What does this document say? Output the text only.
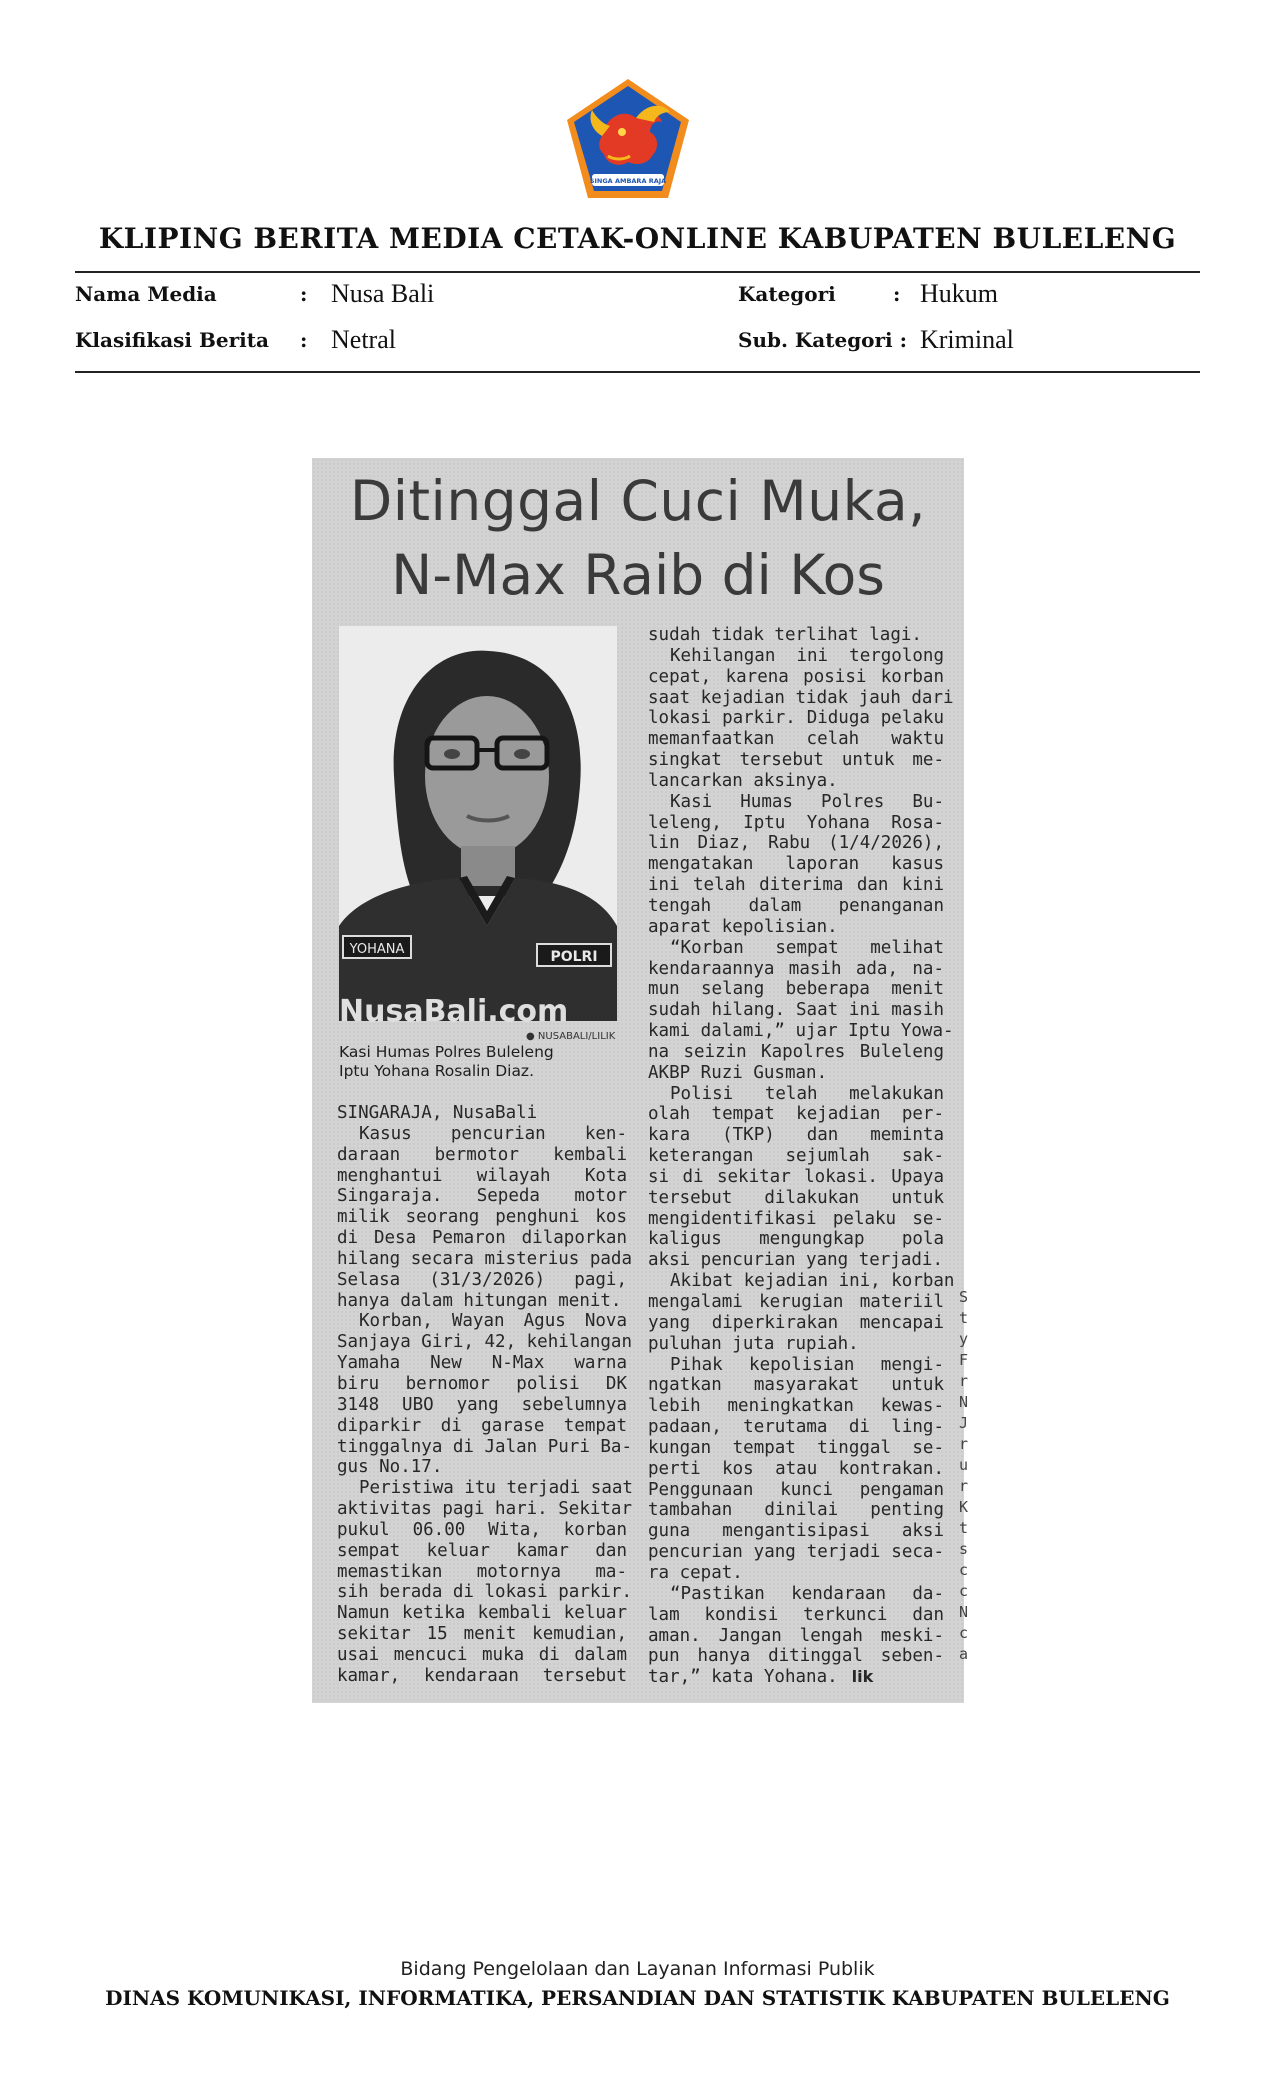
SINGA AMBARA RAJA
KLIPING BERITA MEDIA CETAK-ONLINE KABUPATEN BULELENG
Nama Media	: Nusa Bali	Kategori	: Hukum
Klasifikasi Berita : Netral	Sub. Kategori : Kriminal
Ditinggal Cuci Muka,
N-Max Raib di Kos
YOHANA	POLRI
NusaBali.com
● NUSABALI/LILIK
Kasi Humas Polres Buleleng
Iptu Yohana Rosalin Diaz.
SINGARAJA, NusaBali
Kasus pencurian ken-
daraan bermotor kembali
menghantui wilayah Kota
Singaraja. Sepeda motor
milik seorang penghuni kos
di Desa Pemaron dilaporkan
hilang secara misterius pada
Selasa (31/3/2026) pagi,
hanya dalam hitungan menit.
Korban, Wayan Agus Nova
Sanjaya Giri, 42, kehilangan
Yamaha New N-Max warna
biru bernomor polisi DK
3148 UBO yang sebelumnya
diparkir di garase tempat
tinggalnya di Jalan Puri Ba-
gus No.17.
Peristiwa itu terjadi saat
aktivitas pagi hari. Sekitar
pukul 06.00 Wita, korban
sempat keluar kamar dan
memastikan motornya ma-
sih berada di lokasi parkir.
Namun ketika kembali keluar
sekitar 15 menit kemudian,
usai mencuci muka di dalam
kamar, kendaraan tersebut
sudah tidak terlihat lagi.
Kehilangan ini tergolong
cepat, karena posisi korban
saat kejadian tidak jauh dari
lokasi parkir. Diduga pelaku
memanfaatkan celah waktu
singkat tersebut untuk me-
lancarkan aksinya.
Kasi Humas Polres Bu-
leleng, Iptu Yohana Rosa-
lin Diaz, Rabu (1/4/2026),
mengatakan laporan kasus
ini telah diterima dan kini
tengah dalam penanganan
aparat kepolisian.
“Korban sempat melihat
kendaraannya masih ada, na-
mun selang beberapa menit
sudah hilang. Saat ini masih
kami dalami,” ujar Iptu Yowa-
na seizin Kapolres Buleleng
AKBP Ruzi Gusman.
Polisi telah melakukan
olah tempat kejadian per-
kara (TKP) dan meminta
keterangan sejumlah sak-
si di sekitar lokasi. Upaya
tersebut dilakukan untuk
mengidentifikasi pelaku se-
kaligus mengungkap pola
aksi pencurian yang terjadi.
Akibat kejadian ini, korban
mengalami kerugian materiil
yang diperkirakan mencapai
puluhan juta rupiah.
Pihak kepolisian mengi-
ngatkan masyarakat untuk
lebih meningkatkan kewas-
padaan, terutama di ling-
kungan tempat tinggal se-
perti kos atau kontrakan.
Penggunaan kunci pengaman
tambahan dinilai penting
guna mengantisipasi aksi
pencurian yang terjadi seca-
ra cepat.
“Pastikan kendaraan da-
lam kondisi terkunci dan
aman. Jangan lengah meski-
pun hanya ditinggal seben-
tar,” kata Yohana. lik
S
t
y
F
r
N
J
r
u
r
K
t
s
c
c
N
c
a
Bidang Pengelolaan dan Layanan Informasi Publik
DINAS KOMUNIKASI, INFORMATIKA, PERSANDIAN DAN STATISTIK KABUPATEN BULELENG
